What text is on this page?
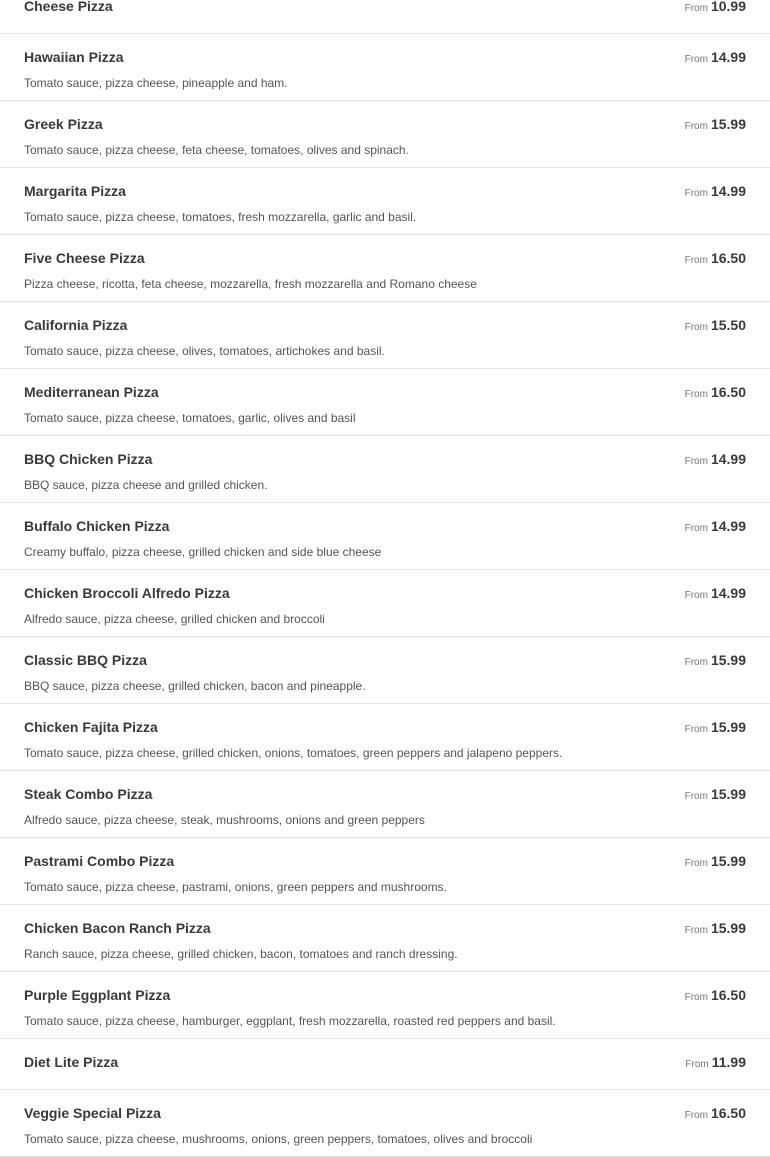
Cheese Pizza	From 10.99
Hawaiian Pizza
Tomato sauce, pizza cheese, pineapple and ham.
From 14.99
Greek Pizza
Tomato sauce, pizza cheese, feta cheese, tomatoes, olives and spinach.
From 15.99
Margarita Pizza
Tomato sauce, pizza cheese, tomatoes, fresh mozzarella, garlic and basil.
From 14.99
Five Cheese Pizza
Pizza cheese, ricotta, feta cheese, mozzarella, fresh mozzarella and Romano cheese
From 16.50
California Pizza
Tomato sauce, pizza cheese, olives, tomatoes, artichokes and basil.
From 15.50
Mediterranean Pizza
Tomato sauce, pizza cheese, tomatoes, garlic, olives and basil
From 16.50
BBQ Chicken Pizza
BBQ sauce, pizza cheese and grilled chicken.
From 14.99
Buffalo Chicken Pizza
Creamy buffalo, pizza cheese, grilled chicken and side blue cheese
From 14.99
Chicken Broccoli Alfredo Pizza
Alfredo sauce, pizza cheese, grilled chicken and broccoli
From 14.99
Classic BBQ Pizza
BBQ sauce, pizza cheese, grilled chicken, bacon and pineapple.
From 15.99
Chicken Fajita Pizza
Tomato sauce, pizza cheese, grilled chicken, onions, tomatoes, green peppers and jalapeno peppers.
From 15.99
Steak Combo Pizza
Alfredo sauce, pizza cheese, steak, mushrooms, onions and green peppers
From 15.99
Pastrami Combo Pizza
Tomato sauce, pizza cheese, pastrami, onions, green peppers and mushrooms.
From 15.99
Chicken Bacon Ranch Pizza
Ranch sauce, pizza cheese, grilled chicken, bacon, tomatoes and ranch dressing.
From 15.99
Purple Eggplant Pizza
Tomato sauce, pizza cheese, hamburger, eggplant, fresh mozzarella, roasted red peppers and basil.
From 16.50
Diet Lite Pizza	From 11.99
Veggie Special Pizza
Tomato sauce, pizza cheese, mushrooms, onions, green peppers, tomatoes, olives and broccoli
From 16.50
